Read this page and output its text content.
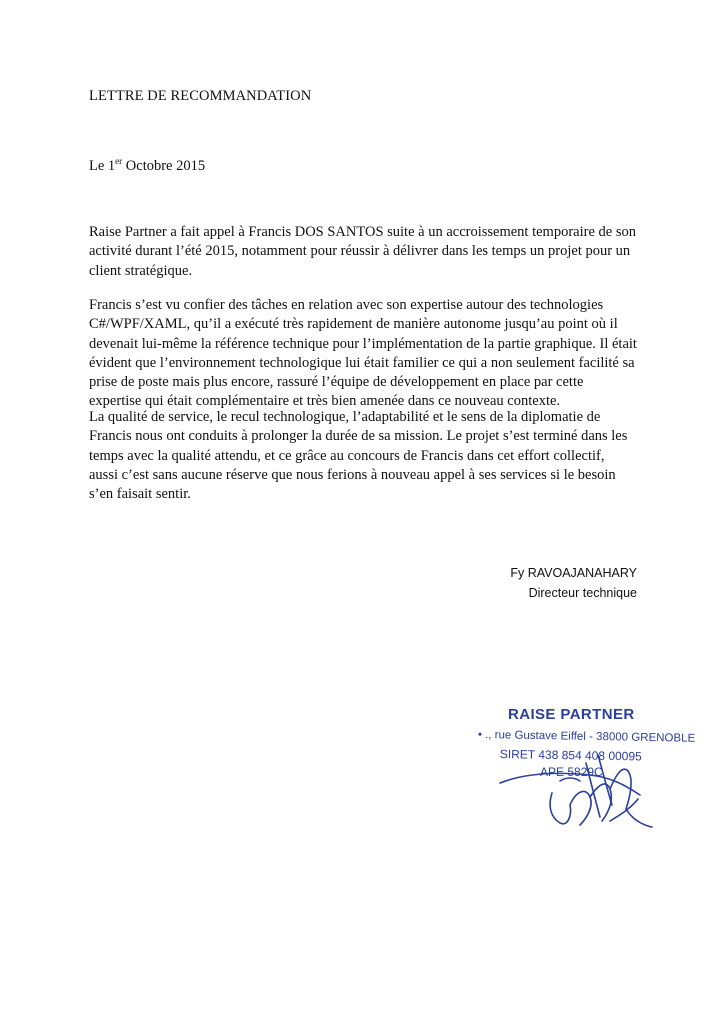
LETTRE DE RECOMMANDATION
Le 1er Octobre 2015

Raise Partner a fait appel à Francis DOS SANTOS suite à un accroissement temporaire de son
activité durant l’été 2015, notamment pour réussir à délivrer dans les temps un projet pour un
client stratégique.

Francis s’est vu confier des tâches en relation avec son expertise autour des technologies
C#/WPF/XAML, qu’il a exécuté très rapidement de manière autonome jusqu’au point où il
devenait lui-même la référence technique pour l’implémentation de la partie graphique. Il était
évident que l’environnement technologique lui était familier ce qui a non seulement facilité sa
prise de poste mais plus encore, rassuré l’équipe de développement en place par cette
expertise qui était complémentaire et très bien amenée dans ce nouveau contexte.

La qualité de service, le recul technologique, l’adaptabilité et le sens de la diplomatie de
Francis nous ont conduits à prolonger la durée de sa mission. Le projet s’est terminé dans les
temps avec la qualité attendu, et ce grâce au concours de Francis dans cet effort collectif,
aussi c’est sans aucune réserve que nous ferions à nouveau appel à ses services si le besoin
s’en faisait sentir.

Fy RAVOAJANAHARY
Directeur technique
RAISE PARTNER
• ., rue Gustave Eiffel - 38000 GRENOBLE
SIRET 438 854 408 00095
APE 5829C
